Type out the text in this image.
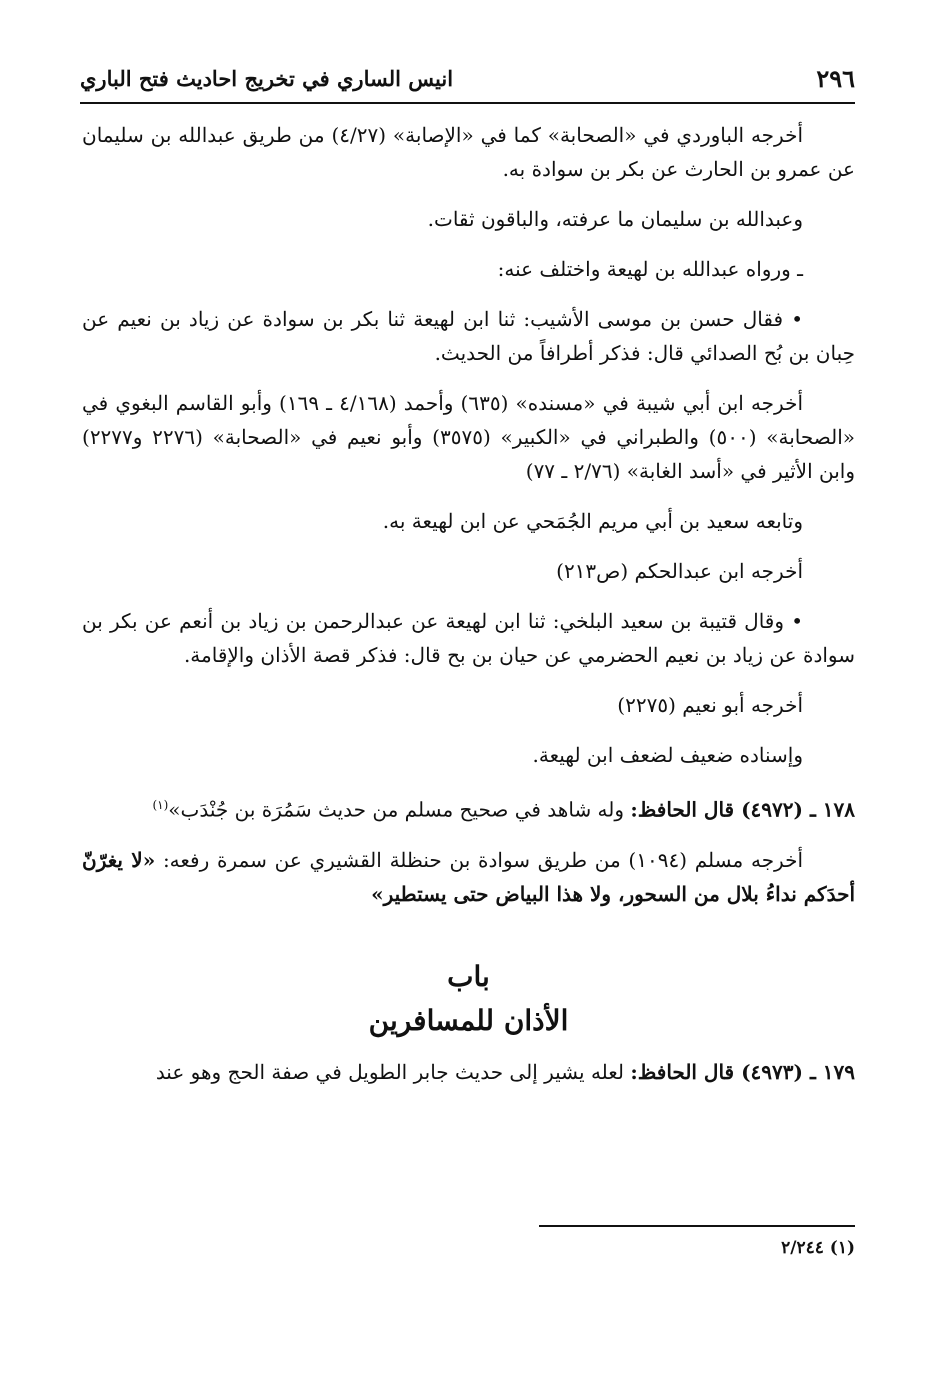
٢٩٦
انيس الساري في تخريج احاديث فتح الباري

أخرجه الباوردي في «الصحابة» كما في «الإصابة» (٤/٢٧) من طريق عبدالله بن سليمان عن عمرو بن الحارث عن بكر بن سوادة به.

وعبدالله بن سليمان ما عرفته، والباقون ثقات.

ـ ورواه عبدالله بن لهيعة واختلف عنه:

• فقال حسن بن موسى الأشيب: ثنا ابن لهيعة ثنا بكر بن سوادة عن زياد بن نعيم عن حِبان بن بُح الصدائي قال: فذكر أطرافاً من الحديث.

أخرجه ابن أبي شيبة في «مسنده» (٦٣٥) وأحمد (٤/١٦٨ ـ ١٦٩) وأبو القاسم البغوي في «الصحابة» (٥٠٠) والطبراني في «الكبير» (٣٥٧٥) وأبو نعيم في «الصحابة» (٢٢٧٦ و٢٢٧٧) وابن الأثير في «أسد الغابة» (٢/٧٦ ـ ٧٧)

وتابعه سعيد بن أبي مريم الجُمَحي عن ابن لهيعة به.

أخرجه ابن عبدالحكم (ص٢١٣)

• وقال قتيبة بن سعيد البلخي: ثنا ابن لهيعة عن عبدالرحمن بن زياد بن أنعم عن بكر بن سوادة عن زياد بن نعيم الحضرمي عن حيان بن بح قال: فذكر قصة الأذان والإقامة.

أخرجه أبو نعيم (٢٢٧٥)

وإسناده ضعيف لضعف ابن لهيعة.

١٧٨ ـ (٤٩٧٢) قال الحافظ: وله شاهد في صحيح مسلم من حديث سَمُرَة بن جُنْدَب»$^{(١)}$

أخرجه مسلم (١٠٩٤) من طريق سوادة بن حنظلة القشيري عن سمرة رفعه: «لا يغرّنّ أحدَكم نداءُ بلال من السحور، ولا هذا البياض حتى يستطير»

باب
الأذان للمسافرين

١٧٩ ـ (٤٩٧٣) قال الحافظ: لعله يشير إلى حديث جابر الطويل في صفة الحج وهو عند

(١) ٢/٢٤٤
